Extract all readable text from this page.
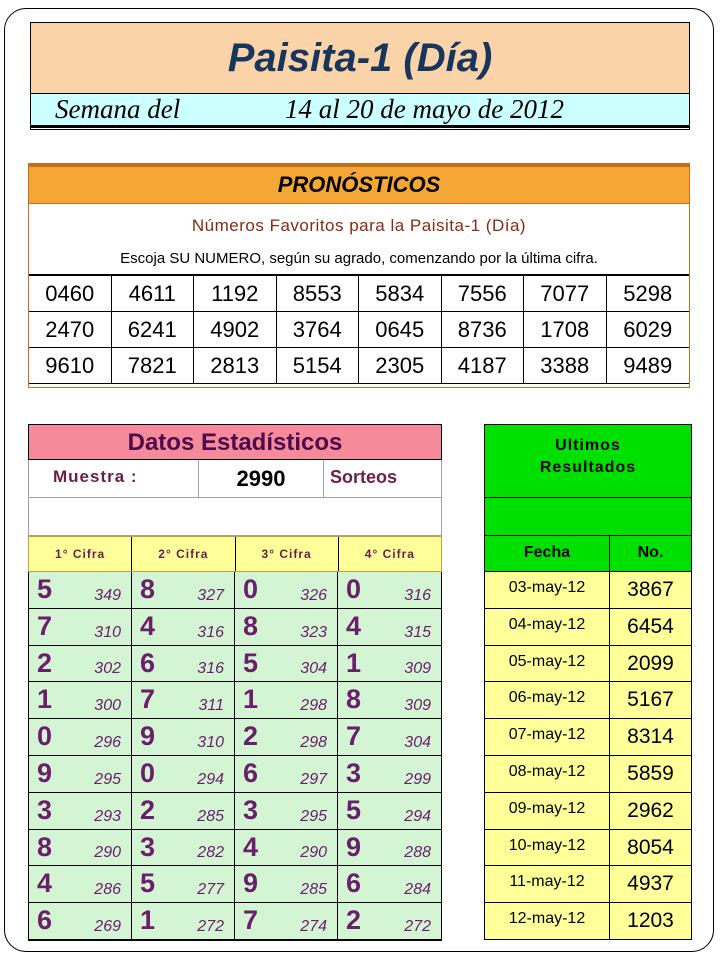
Paisita-1 (Día)
Semana del	14 al 20 de mayo de 2012
PRONÓSTICOS
Números Favoritos para la Paisita-1 (Día)
Escoja SU NUMERO, según su agrado, comenzando por la última cifra.
0460	4611	1192	8553	5834	7556	7077	5298
2470	6241	4902	3764	0645	8736	1708	6029
9610	7821	2813	5154	2305	4187	3388	9489
Datos Estadísticos
Muestra :	2990	Sorteos
1° Cifra	2° Cifra	3° Cifra	4° Cifra
5	349 8	327 0	326 0	316
7	310 4	316 8	323 4	315
2	302 6	316 5	304 1	309
1	300 7	311 1	298 8	309
0	296 9	310 2	298 7	304
9	295 0	294 6	297 3	299
3	293 2	285 3	295 5	294
8	290 3	282 4	290 9	288
4	286 5	277 9	285 6	284
6	269 1	272 7	274 2	272
Ultimos
Resultados
Fecha	No.
03-may-12	3867
04-may-12	6454
05-may-12	2099
06-may-12	5167
07-may-12	8314
08-may-12	5859
09-may-12	2962
10-may-12	8054
11-may-12	4937
12-may-12	1203
